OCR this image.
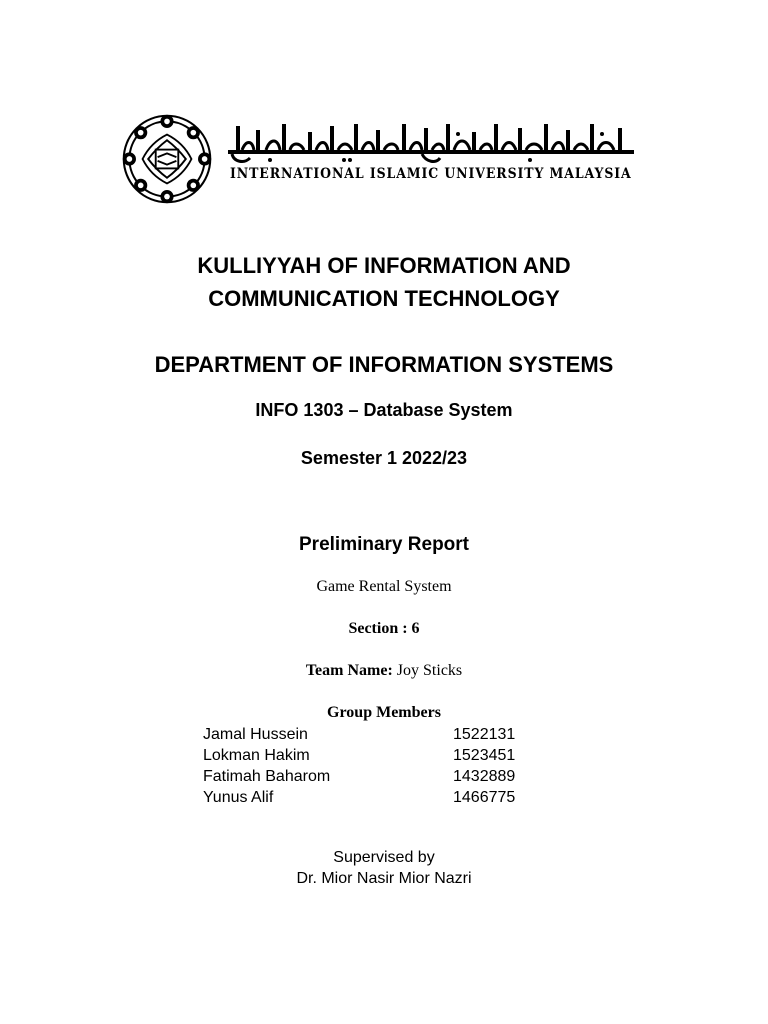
INTERNATIONAL ISLAMIC UNIVERSITY MALAYSIA
KULLIYYAH OF INFORMATION AND
COMMUNICATION TECHNOLOGY
DEPARTMENT OF INFORMATION SYSTEMS
INFO 1303 – Database System
Semester 1 2022/23
Preliminary Report
Game Rental System
Section : 6
Team Name: Joy Sticks
Group Members
Jamal Hussein	1522131
Lokman Hakim	1523451
Fatimah Baharom	1432889
Yunus Alif	1466775
Supervised by
Dr. Mior Nasir Mior Nazri
